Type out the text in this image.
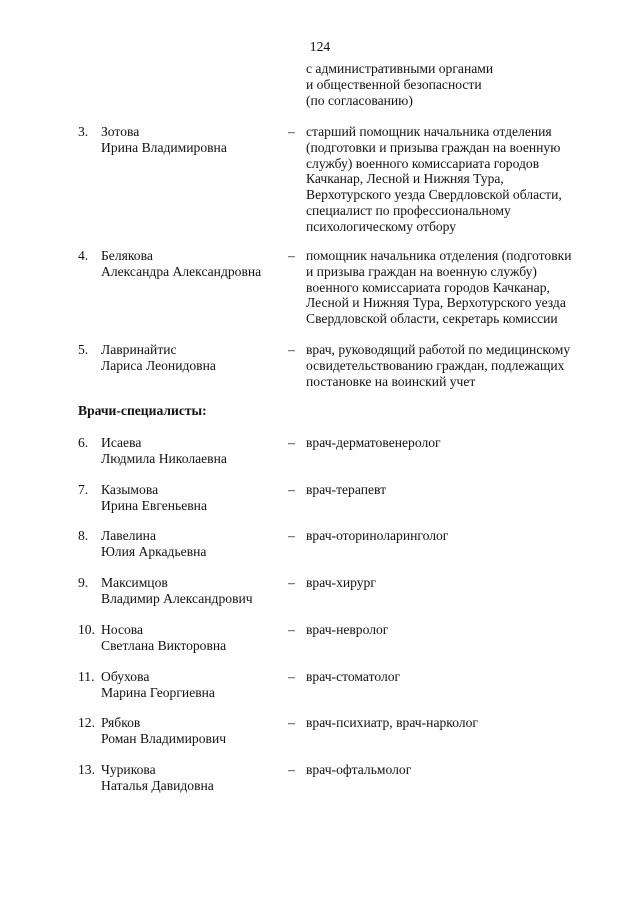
124
с административными органами
и общественной безопасности
(по согласованию)
3. Зотова
Ирина Владимировна
– старший помощник начальника отделения
(подготовки и призыва граждан на военную
службу) военного комиссариата городов
Качканар, Лесной и Нижняя Тура,
Верхотурского уезда Свердловской области,
специалист по профессиональному
психологическому отбору
4. Белякова
Александра Александровна
– помощник начальника отделения (подготовки
и призыва граждан на военную службу)
военного комиссариата городов Качканар,
Лесной и Нижняя Тура, Верхотурского уезда
Свердловской области, секретарь комиссии
5. Лавринайтис
Лариса Леонидовна
– врач, руководящий работой по медицинскому
освидетельствованию граждан, подлежащих
постановке на воинский учет
Врачи-специалисты:
6. Исаева
Людмила Николаевна
– врач-дерматовенеролог
7. Казымова
Ирина Евгеньевна
– врач-терапевт
8. Лавелина
Юлия Аркадьевна
– врач-оториноларинголог
9. Максимцов
Владимир Александрович
– врач-хирург
10. Носова
Светлана Викторовна
– врач-невролог
11. Обухова
Марина Георгиевна
– врач-стоматолог
12. Рябков
Роман Владимирович
– врач-психиатр, врач-нарколог
13. Чурикова
Наталья Давидовна
– врач-офтальмолог
